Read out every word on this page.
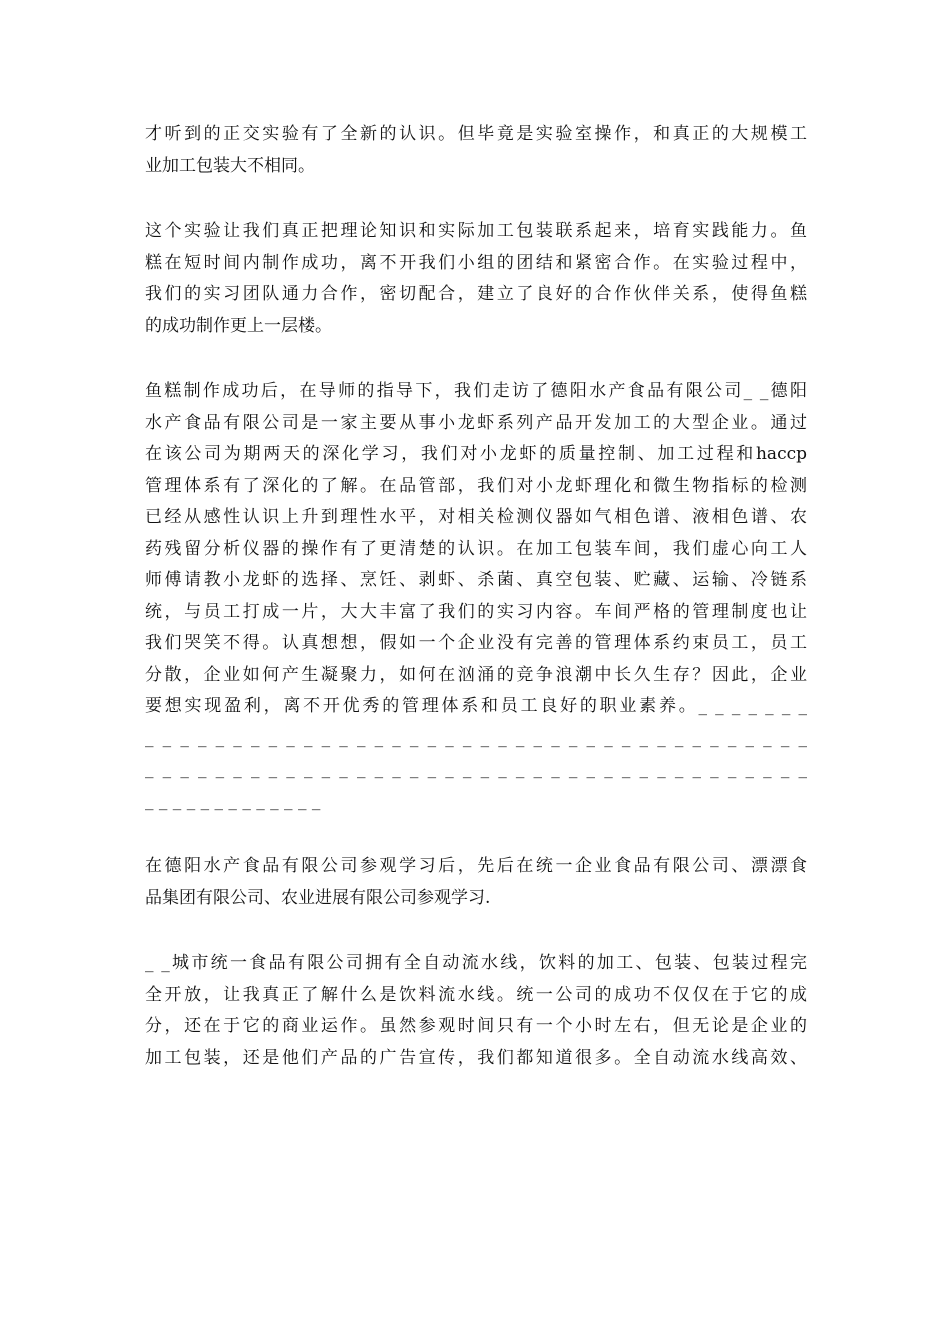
才听到的正交实验有了全新的认识。但毕竟是实验室操作，和真正的大规模工
业加工包装大不相同。

这个实验让我们真正把理论知识和实际加工包装联系起来，培育实践能力。鱼
糕在短时间内制作成功，离不开我们小组的团结和紧密合作。在实验过程中，
我们的实习团队通力合作，密切配合，建立了良好的合作伙伴关系，使得鱼糕
的成功制作更上一层楼。

鱼糕制作成功后，在导师的指导下，我们走访了德阳水产食品有限公司_ _德阳
水产食品有限公司是一家主要从事小龙虾系列产品开发加工的大型企业。通过
在该公司为期两天的深化学习，我们对小龙虾的质量控制、加工过程和haccp
管理体系有了深化的了解。在品管部，我们对小龙虾理化和微生物指标的检测
已经从感性认识上升到理性水平，对相关检测仪器如气相色谱、液相色谱、农
药残留分析仪器的操作有了更清楚的认识。在加工包装车间，我们虚心向工人
师傅请教小龙虾的选择、烹饪、剥虾、杀菌、真空包装、贮藏、运输、冷链系
统，与员工打成一片，大大丰富了我们的实习内容。车间严格的管理制度也让
我们哭笑不得。认真想想，假如一个企业没有完善的管理体系约束员工，员工
分散，企业如何产生凝聚力，如何在汹涌的竞争浪潮中长久生存？因此，企业
要想实现盈利，离不开优秀的管理体系和员工良好的职业素养。_ _ _ _ _ _ _
_ _ _ _ _ _ _ _ _ _ _ _ _ _ _ _ _ _ _ _ _ _ _ _ _ _ _ _ _ _ _ _ _ _ _ _ _ _
_ _ _ _ _ _ _ _ _ _ _ _ _ _ _ _ _ _ _ _ _ _ _ _ _ _ _ _ _ _ _ _ _ _ _ _ _ _
_ _ _ _ _ _ _ _ _ _ _ _ _

在德阳水产食品有限公司参观学习后，先后在统一企业食品有限公司、漂漂食
品集团有限公司、农业进展有限公司参观学习.

_ _城市统一食品有限公司拥有全自动流水线，饮料的加工、包装、包装过程完
全开放，让我真正了解什么是饮料流水线。统一公司的成功不仅仅在于它的成
分，还在于它的商业运作。虽然参观时间只有一个小时左右，但无论是企业的
加工包装，还是他们产品的广告宣传，我们都知道很多。全自动流水线高效、
